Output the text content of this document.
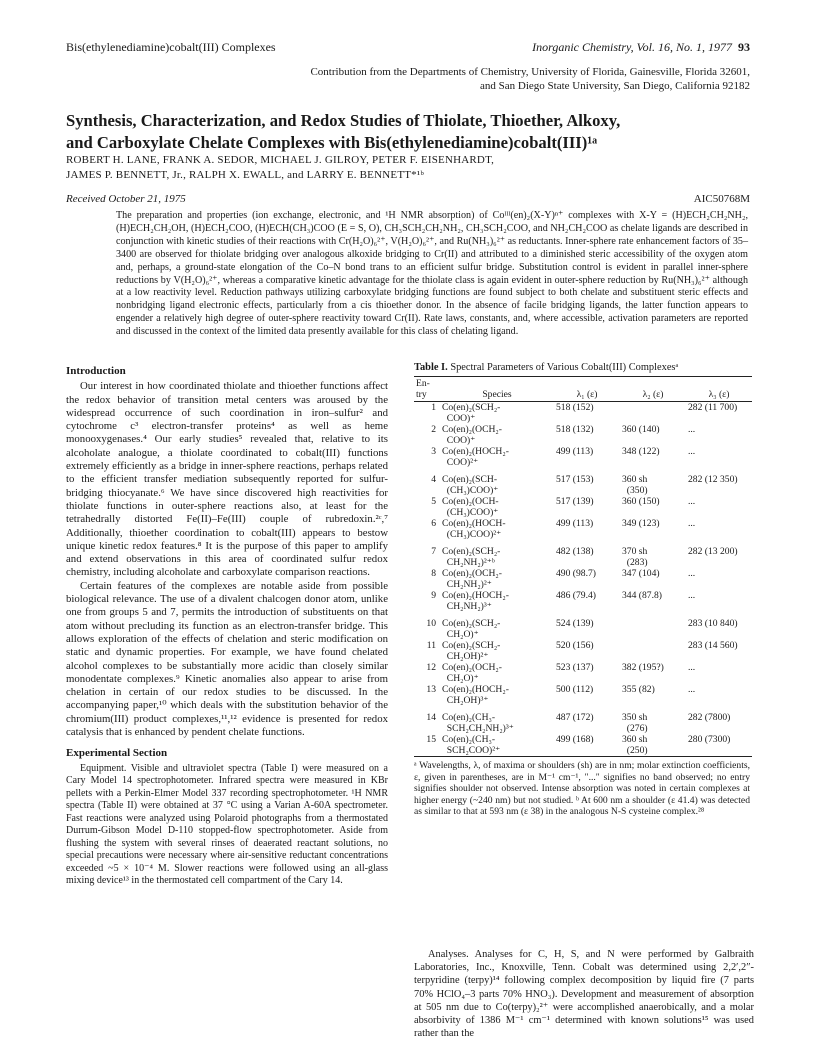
Bis(ethylenediamine)cobalt(III) Complexes	Inorganic Chemistry, Vol. 16, No. 1, 1977 93
Contribution from the Departments of Chemistry, University of Florida, Gainesville, Florida 32601,
and San Diego State University, San Diego, California 92182
Synthesis, Characterization, and Redox Studies of Thiolate, Thioether, Alkoxy,
and Carboxylate Chelate Complexes with Bis(ethylenediamine)cobalt(III)¹ᵃ
ROBERT H. LANE, FRANK A. SEDOR, MICHAEL J. GILROY, PETER F. EISENHARDT,
JAMES P. BENNETT, Jr., RALPH X. EWALL, and LARRY E. BENNETT*¹ᵇ
Received October 21, 1975	AIC50768M
The preparation and properties (ion exchange, electronic, and ¹H NMR absorption) of Coᴵᴵᴵ(en)₂(X-Y)ⁿ⁺ complexes with X-Y = (H)ECH₂CH₂NH₂, (H)ECH₂CH₂OH, (H)ECH₂COO, (H)ECH(CH₃)COO (E = S, O), CH₃SCH₂CH₂NH₂, CH₃SCH₂COO, and NH₂CH₂COO as chelate ligands are described in conjunction with kinetic studies of their reactions with Cr(H₂O)₆²⁺, V(H₂O)₆²⁺, and Ru(NH₃)₆²⁺ as reductants. Inner-sphere rate enhancement factors of 35–3400 are observed for thiolate bridging over analogous alkoxide bridging to Cr(II) and attributed to a diminished steric accessibility of the oxygen atom and, perhaps, a ground-state elongation of the Co–N bond trans to an efficient sulfur bridge. Substitution control is evident in parallel inner-sphere reductions by V(H₂O)₆²⁺, whereas a comparative kinetic advantage for the thiolate class is again evident in outer-sphere reduction by Ru(NH₃)₆²⁺ although at a low reactivity level. Reduction pathways utilizing carboxylate bridging functions are found subject to both chelate and substituent steric effects and nonbridging ligand electronic effects, particularly from a cis thioether donor. In the absence of facile bridging ligands, the latter function appears to engender a relatively high degree of outer-sphere reactivity toward Cr(II). Rate laws, constants, and, where accessible, activation parameters are reported and discussed in the context of the limited data presently available for this class of chelating ligand.
Introduction

Our interest in how coordinated thiolate and thioether functions affect the redox behavior of transition metal centers was aroused by the widespread occurrence of such coordination in iron–sulfur² and cytochrome c³ electron-transfer proteins⁴ as well as heme monooxygenases.⁴ Our early studies⁵ revealed that, relative to its alcoholate analogue, a thiolate coordinated to cobalt(III) functions extremely efficiently as a bridge in inner-sphere reactions, perhaps related to the efficient transfer mediation subsequently reported for sulfur-bridging thiocyanate.⁶ We have since discovered high reactivities for thiolate functions in outer-sphere reactions also, at least for the tetrahedrally distorted Fe(II)–Fe(III) couple of rubredoxin.²ᶜ,⁷ Additionally, thioether coordination to cobalt(III) appears to bestow unique kinetic redox features.⁸ It is the purpose of this paper to amplify and extend observations in this area of coordinated sulfur redox chemistry, including alcoholate and carboxylate comparison reactions.

Certain features of the complexes are notable aside from possible biological relevance. The use of a divalent chalcogen donor atom, unlike one from groups 5 and 7, permits the introduction of substituents on that atom without precluding its function as an electron-transfer bridge. This allows exploration of the effects of chelation and steric modification on static and dynamic properties. For example, we have found chelated alcohol complexes to be substantially more acidic than closely similar monodentate complexes.⁹ Kinetic anomalies also appear to arise from chelation in certain of our redox studies to be discussed. In the accompanying paper,¹⁰ which deals with the substitution behavior of the chromium(III) product complexes,¹¹,¹² evidence is presented for redox catalysis that is enhanced by pendent chelate functions.

Experimental Section

Equipment. Visible and ultraviolet spectra (Table I) were measured on a Cary Model 14 spectrophotometer. Infrared spectra were measured in KBr pellets with a Perkin-Elmer Model 337 recording spectrophotometer. ¹H NMR spectra (Table II) were obtained at 37 °C using a Varian A-60A spectrometer. Fast reactions were analyzed using Polaroid photographs from a thermostated Durrum-Gibson Model D-110 stopped-flow spectrophotometer. Aside from flushing the system with several rinses of deaerated reactant solutions, no special precautions were necessary where air-sensitive reductant concentrations exceeded ~5 × 10⁻⁴ M. Slower reactions were followed using an all-glass mixing device¹³ in the thermostated cell compartment of the Cary 14.

Table I. Spectral Parameters of Various Cobalt(III) Complexesᵃ
En-
try	Species	λ₁ (ε)	λ₂ (ε)	λ₃ (ε)
1	Co(en)₂(SCH₂-
COO)⁺	518 (152)		282 (11 700)
2	Co(en)₂(OCH₂-
COO)⁺	518 (132)	360 (140)	...
3	Co(en)₂(HOCH₂-
COO)²⁺	499 (113)	348 (122)	...
4	Co(en)₂(SCH-
(CH₃)COO)⁺	517 (153)	360 sh
(350)	282 (12 350)
5	Co(en)₂(OCH-
(CH₃)COO)⁺	517 (139)	360 (150)	...
6	Co(en)₂(HOCH-
(CH₃)COO)²⁺	499 (113)	349 (123)	...
7	Co(en)₂(SCH₂-
CH₂NH₂)²⁺ᵇ	482 (138)	370 sh
(283)	282 (13 200)
8	Co(en)₂(OCH₂-
CH₂NH₂)²⁺	490 (98.7)	347 (104)	...
9	Co(en)₂(HOCH₂-
CH₂NH₂)³⁺	486 (79.4)	344 (87.8)	...
10	Co(en)₂(SCH₂-
CH₂O)⁺	524 (139)		283 (10 840)
11	Co(en)₂(SCH₂-
CH₂OH)²⁺	520 (156)		283 (14 560)
12	Co(en)₂(OCH₂-
CH₂O)⁺	523 (137)	382 (195?)	...
13	Co(en)₂(HOCH₂-
CH₂OH)³⁺	500 (112)	355 (82)	...
14	Co(en)₂(CH₃-
SCH₂CH₂NH₂)³⁺	487 (172)	350 sh
(276)	282 (7800)
15	Co(en)₂(CH₃-
SCH₂COO)²⁺	499 (168)	360 sh
(250)	280 (7300)
ᵃ Wavelengths, λ, of maxima or shoulders (sh) are in nm; molar extinction coefficients, ε, given in parentheses, are in M⁻¹ cm⁻¹, "..." signifies no band observed; no entry signifies shoulder not observed. Intense absorption was noted in certain complexes at higher energy (~240 nm) but not studied. ᵇ At 600 nm a shoulder (ε 41.4) was detected as similar to that at 593 nm (ε 38) in the analogous N-S cysteine complex.²⁸

Analyses. Analyses for C, H, S, and N were performed by Galbraith Laboratories, Inc., Knoxville, Tenn. Cobalt was determined using 2,2′,2″-terpyridine (terpy)¹⁴ following complex decomposition by liquid fire (7 parts 70% HClO₄–3 parts 70% HNO₃). Development and measurement of absorption at 505 nm due to Co(terpy)₂²⁺ were accomplished anaerobically, and a molar absorbivity of 1386 M⁻¹ cm⁻¹ determined with known solutions¹⁵ was used rather than the
